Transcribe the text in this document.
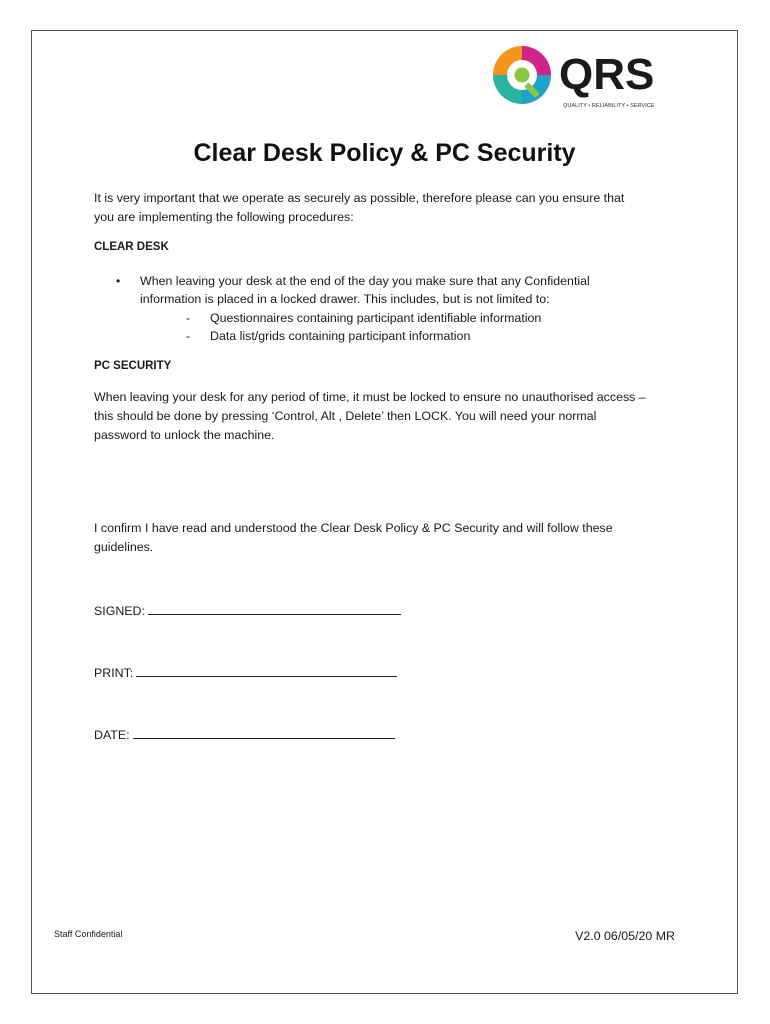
QRS
QUALITY • RELIABILITY • SERVICE
Clear Desk Policy & PC Security
It is very important that we operate as securely as possible, therefore please can you ensure that
you are implementing the following procedures:
CLEAR DESK
• When leaving your desk at the end of the day you make sure that any Confidential
information is placed in a locked drawer. This includes, but is not limited to:
- Questionnaires containing participant identifiable information
- Data list/grids containing participant information
PC SECURITY
When leaving your desk for any period of time, it must be locked to ensure no unauthorised access –
this should be done by pressing ‘Control, Alt , Delete’ then LOCK. You will need your normal
password to unlock the machine.
I confirm I have read and understood the Clear Desk Policy & PC Security and will follow these
guidelines.
SIGNED:
PRINT:
DATE:
Staff Confidential	V2.0 06/05/20 MR
